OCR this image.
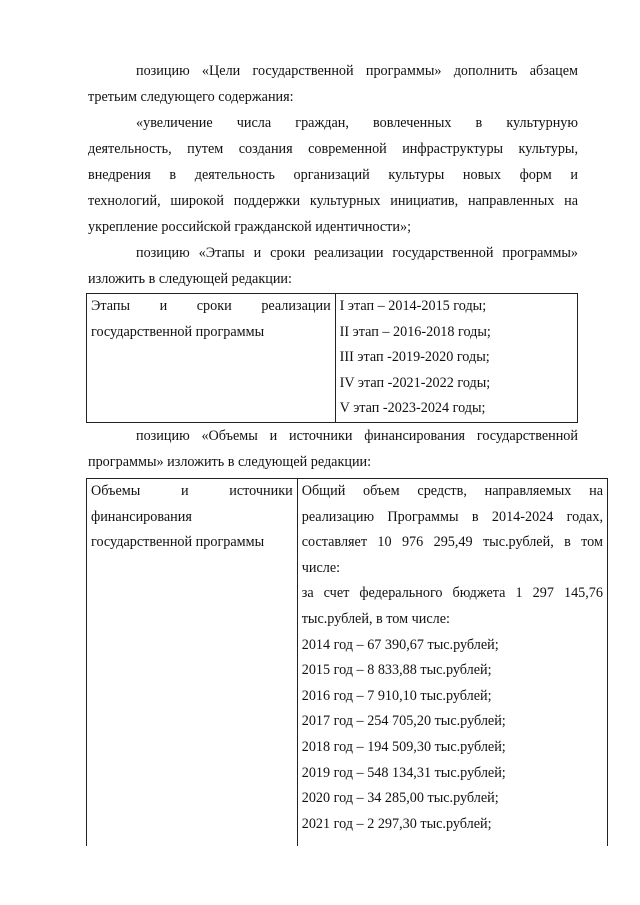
позицию «Цели государственной программы» дополнить абзацем
третьим следующего содержания:

«увеличение числа граждан, вовлеченных в культурную
деятельность, путем создания современной инфраструктуры культуры,
внедрения в деятельность организаций культуры новых форм и
технологий, широкой поддержки культурных инициатив, направленных на
укрепление российской гражданской идентичности»;

позицию «Этапы и сроки реализации государственной программы»
изложить в следующей редакции:

Этапы и сроки реализации
государственной программы

I этап – 2014-2015 годы;
II этап – 2016-2018 годы;
III этап -2019-2020 годы;
IV этап -2021-2022 годы;
V этап -2023-2024 годы;

позицию «Объемы и источники финансирования государственной
программы» изложить в следующей редакции:

Объемы и источники
финансирования
государственной программы

Общий объем средств, направляемых на
реализацию Программы в 2014-2024 годах,
составляет 10 976 295,49 тыс.рублей, в том
числе:
за счет федерального бюджета 1 297 145,76
тыс.рублей, в том числе:
2014 год – 67 390,67 тыс.рублей;
2015 год – 8 833,88 тыс.рублей;
2016 год – 7 910,10 тыс.рублей;
2017 год – 254 705,20 тыс.рублей;
2018 год – 194 509,30 тыс.рублей;
2019 год – 548 134,31 тыс.рублей;
2020 год – 34 285,00 тыс.рублей;
2021 год – 2 297,30 тыс.рублей;
